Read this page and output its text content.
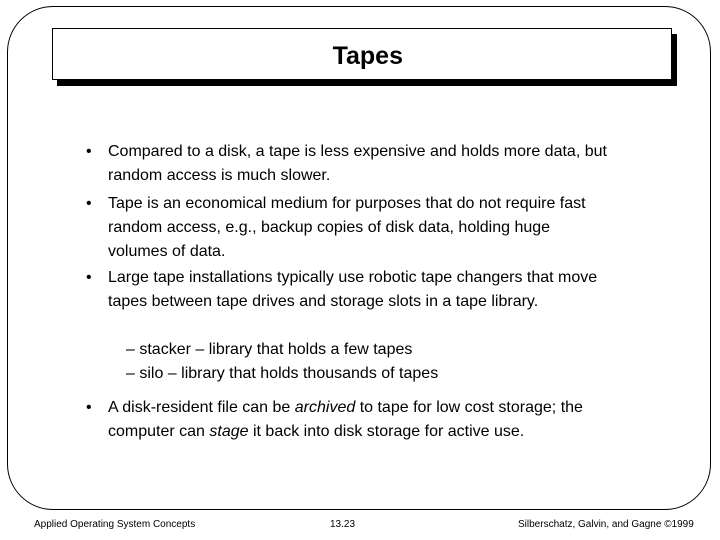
Tapes
• Compared to a disk, a tape is less expensive and holds more data, but random access is much slower.

• Tape is an economical medium for purposes that do not require fast random access, e.g., backup copies of disk data, holding huge volumes of data.

• Large tape installations typically use robotic tape changers that move tapes between tape drives and storage slots in a tape library.

– stacker – library that holds a few tapes
– silo – library that holds thousands of tapes
• A disk-resident file can be archived to tape for low cost storage; the computer can stage it back into disk storage for active use.

Applied Operating System Concepts	13.23	Silberschatz, Galvin, and Gagne ©1999
